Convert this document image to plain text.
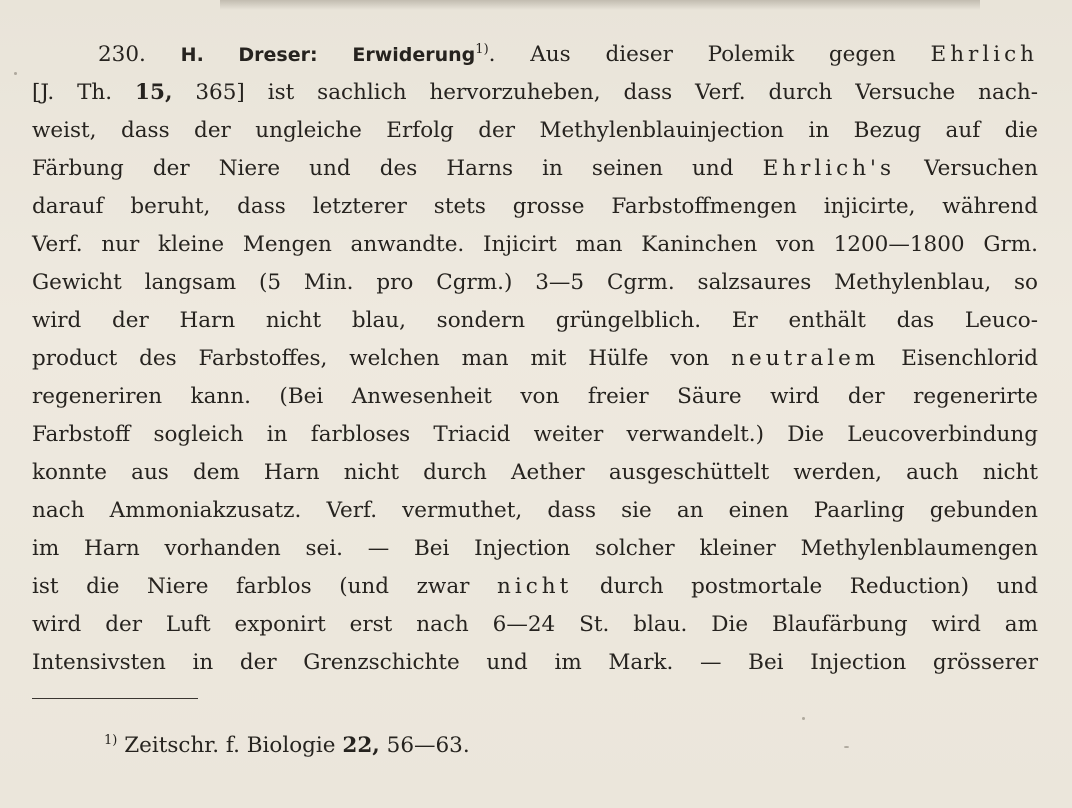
230. H. Dreser: Erwiderung$^{1)}$. Aus dieser Polemik gegen Ehrlich
[J. Th. 15, 365] ist sachlich hervorzuheben, dass Verf. durch Versuche nach-
weist, dass der ungleiche Erfolg der Methylenblauinjection in Bezug auf die
Färbung der Niere und des Harns in seinen und Ehrlich's Versuchen
darauf beruht, dass letzterer stets grosse Farbstoffmengen injicirte, während
Verf. nur kleine Mengen anwandte. Injicirt man Kaninchen von 1200—1800 Grm.
Gewicht langsam (5 Min. pro Cgrm.) 3—5 Cgrm. salzsaures Methylenblau, so
wird der Harn nicht blau, sondern grüngelblich. Er enthält das Leuco-
product des Farbstoffes, welchen man mit Hülfe von neutralem Eisenchlorid
regeneriren kann. (Bei Anwesenheit von freier Säure wird der regenerirte
Farbstoff sogleich in farbloses Triacid weiter verwandelt.) Die Leucoverbindung
konnte aus dem Harn nicht durch Aether ausgeschüttelt werden, auch nicht
nach Ammoniakzusatz. Verf. vermuthet, dass sie an einen Paarling gebunden
im Harn vorhanden sei. — Bei Injection solcher kleiner Methylenblaumengen
ist die Niere farblos (und zwar nicht durch postmortale Reduction) und
wird der Luft exponirt erst nach 6—24 St. blau. Die Blaufärbung wird am
Intensivsten in der Grenzschichte und im Mark. — Bei Injection grösserer
$^{1)}$ Zeitschr. f. Biologie 22, 56—63.
